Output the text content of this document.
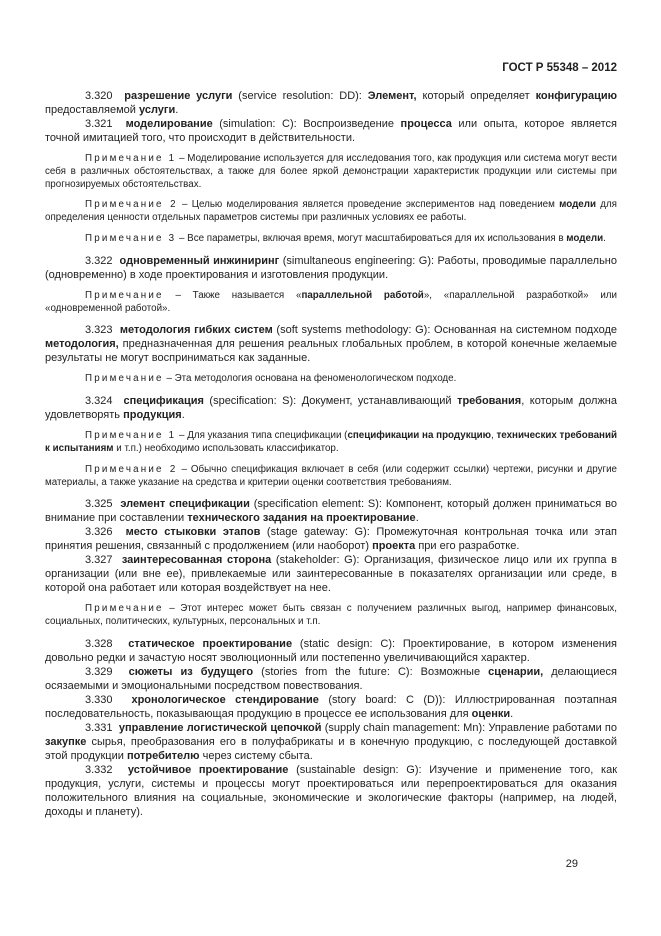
ГОСТ Р 55348 – 2012

3.320  разрешение услуги (service resolution: DD): Элемент, который определяет конфигурацию предоставляемой услуги.

3.321  моделирование (simulation: C): Воспроизведение процесса или опыта, которое является точной имитацией того, что происходит в действительности.

Примечание 1 – Моделирование используется для исследования того, как продукция или система могут вести себя в различных обстоятельствах, а также для более яркой демонстрации характеристик продукции или системы при прогнозируемых обстоятельствах.

Примечание 2 – Целью моделирования является проведение экспериментов над поведением модели для определения ценности отдельных параметров системы при различных условиях ее работы.

Примечание 3 – Все параметры, включая время, могут масштабироваться для их использования в модели.

3.322  одновременный инжиниринг (simultaneous engineering: G): Работы, проводимые параллельно (одновременно) в ходе проектирования и изготовления продукции.

Примечание – Также называется «параллельной работой», «параллельной разработкой» или «одновременной работой».

3.323  методология гибких систем (soft systems methodology: G): Основанная на системном подходе методология, предназначенная для решения реальных глобальных проблем, в которой конечные желаемые результаты не могут восприниматься как заданные.

Примечание – Эта методология основана на феноменологическом подходе.

3.324  спецификация (specification: S): Документ, устанавливающий требования, которым должна удовлетворять продукция.

Примечание 1 – Для указания типа спецификации (спецификации на продукцию, технических требований к испытаниям и т.п.) необходимо использовать классификатор.

Примечание 2 – Обычно спецификация включает в себя (или содержит ссылки) чертежи, рисунки и другие материалы, а также указание на средства и критерии оценки соответствия требованиям.

3.325  элемент спецификации (specification element: S): Компонент, который должен приниматься во внимание при составлении технического задания на проектирование.

3.326  место стыковки этапов (stage gateway: G): Промежуточная контрольная точка или этап принятия решения, связанный с продолжением (или наоборот) проекта при его разработке.

3.327  заинтересованная сторона (stakeholder: G): Организация, физическое лицо или их группа в организации (или вне ее), привлекаемые или заинтересованные в показателях организации или среде, в которой она работает или которая воздействует на нее.

Примечание – Этот интерес может быть связан с получением различных выгод, например финансовых, социальных, политических, культурных, персональных и т.п.

3.328  статическое проектирование (static design: C): Проектирование, в котором изменения довольно редки и зачастую носят эволюционный или постепенно увеличивающийся характер.

3.329  сюжеты из будущего (stories from the future: C): Возможные сценарии, делающиеся осязаемыми и эмоциональными посредством повествования.

3.330  хронологическое стендирование (story board: C (D)): Иллюстрированная поэтапная последовательность, показывающая продукцию в процессе ее использования для оценки.

3.331  управление логистической цепочкой (supply chain management: Mn): Управление работами по закупке сырья, преобразования его в полуфабрикаты и в конечную продукцию, с последующей доставкой этой продукции потребителю через систему сбыта.

3.332  устойчивое проектирование (sustainable design: G): Изучение и применение того, как продукция, услуги, системы и процессы могут проектироваться или перепроектироваться для оказания положительного влияния на социальные, экономические и экологические факторы (например, на людей, доходы и планету).

29
